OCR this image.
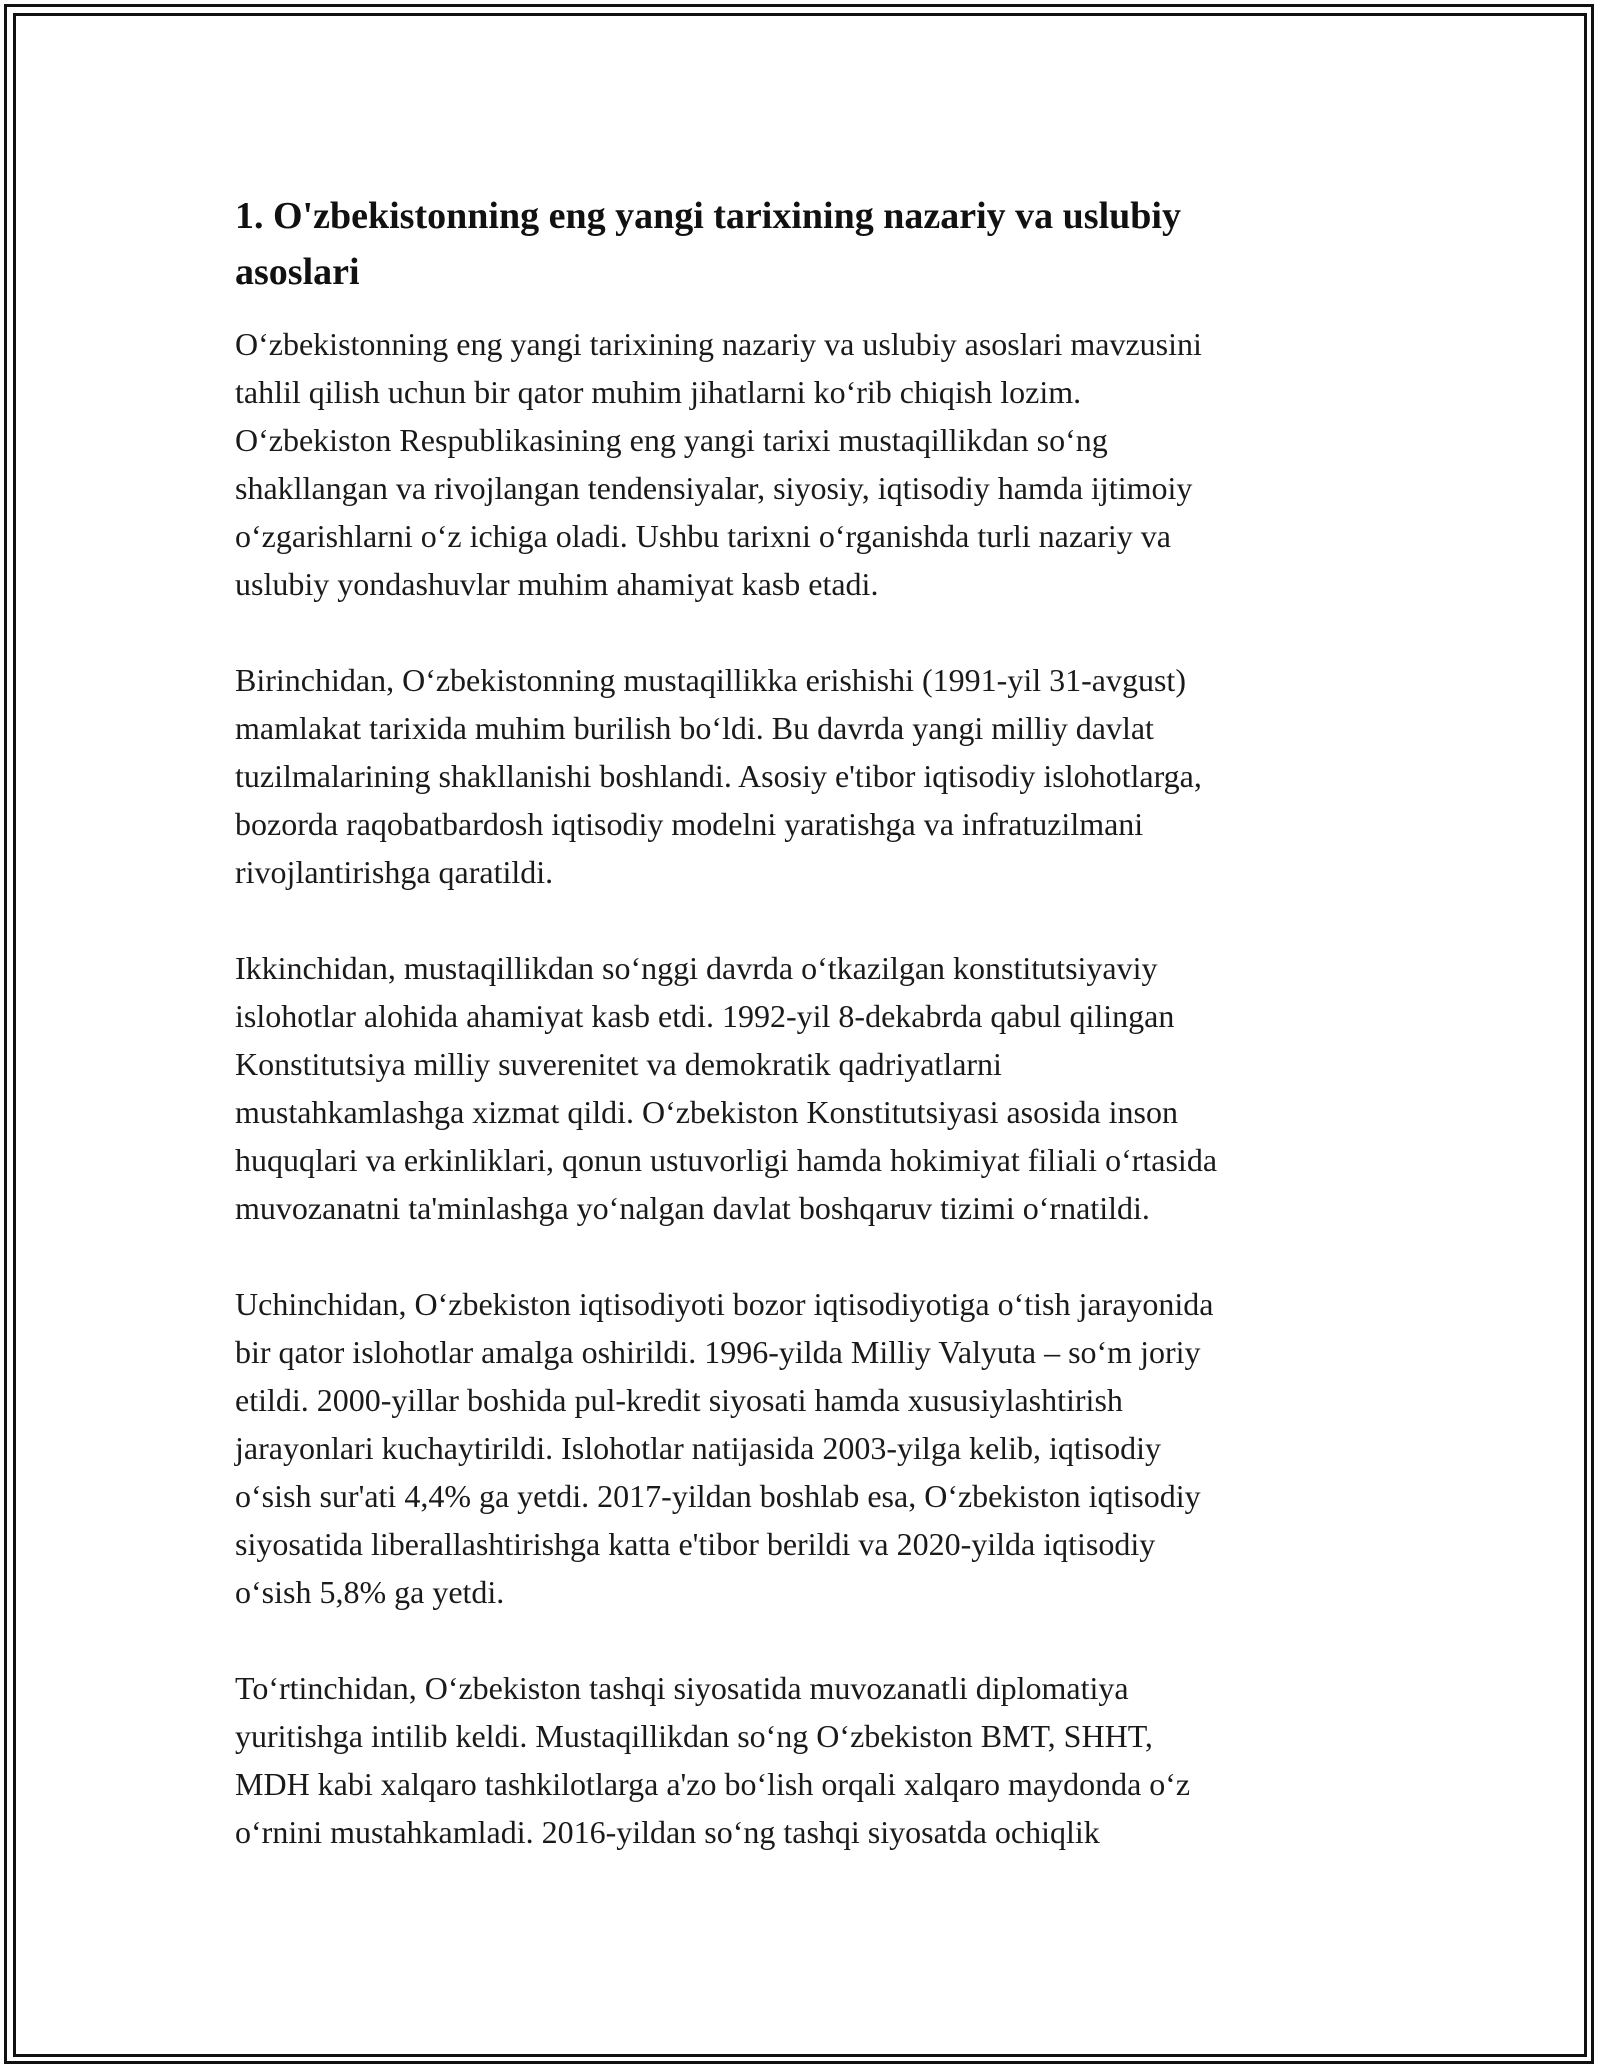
1. O'zbekistonning eng yangi tarixining nazariy va uslubiy
asoslari

O‘zbekistonning eng yangi tarixining nazariy va uslubiy asoslari mavzusini
tahlil qilish uchun bir qator muhim jihatlarni ko‘rib chiqish lozim.
O‘zbekiston Respublikasining eng yangi tarixi mustaqillikdan so‘ng
shakllangan va rivojlangan tendensiyalar, siyosiy, iqtisodiy hamda ijtimoiy
o‘zgarishlarni o‘z ichiga oladi. Ushbu tarixni o‘rganishda turli nazariy va
uslubiy yondashuvlar muhim ahamiyat kasb etadi.

Birinchidan, O‘zbekistonning mustaqillikka erishishi (1991-yil 31-avgust)
mamlakat tarixida muhim burilish bo‘ldi. Bu davrda yangi milliy davlat
tuzilmalarining shakllanishi boshlandi. Asosiy e'tibor iqtisodiy islohotlarga,
bozorda raqobatbardosh iqtisodiy modelni yaratishga va infratuzilmani
rivojlantirishga qaratildi.

Ikkinchidan, mustaqillikdan so‘nggi davrda o‘tkazilgan konstitutsiyaviy
islohotlar alohida ahamiyat kasb etdi. 1992-yil 8-dekabrda qabul qilingan
Konstitutsiya milliy suverenitet va demokratik qadriyatlarni
mustahkamlashga xizmat qildi. O‘zbekiston Konstitutsiyasi asosida inson
huquqlari va erkinliklari, qonun ustuvorligi hamda hokimiyat filiali o‘rtasida
muvozanatni ta'minlashga yo‘nalgan davlat boshqaruv tizimi o‘rnatildi.

Uchinchidan, O‘zbekiston iqtisodiyoti bozor iqtisodiyotiga o‘tish jarayonida
bir qator islohotlar amalga oshirildi. 1996-yilda Milliy Valyuta – so‘m joriy
etildi. 2000-yillar boshida pul-kredit siyosati hamda xususiylashtirish
jarayonlari kuchaytirildi. Islohotlar natijasida 2003-yilga kelib, iqtisodiy
o‘sish sur'ati 4,4% ga yetdi. 2017-yildan boshlab esa, O‘zbekiston iqtisodiy
siyosatida liberallashtirishga katta e'tibor berildi va 2020-yilda iqtisodiy
o‘sish 5,8% ga yetdi.

To‘rtinchidan, O‘zbekiston tashqi siyosatida muvozanatli diplomatiya
yuritishga intilib keldi. Mustaqillikdan so‘ng O‘zbekiston BMT, SHHT,
MDH kabi xalqaro tashkilotlarga a'zo bo‘lish orqali xalqaro maydonda o‘z
o‘rnini mustahkamladi. 2016-yildan so‘ng tashqi siyosatda ochiqlik
